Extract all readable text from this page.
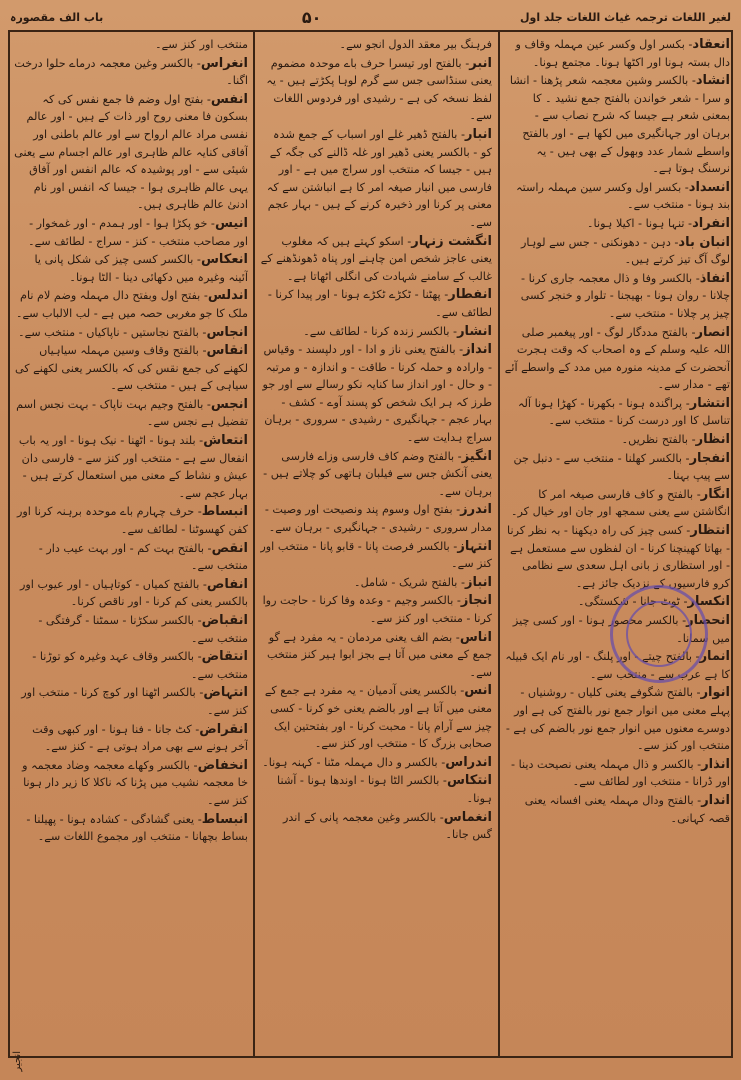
لغیر اللغات ترجمہ غیاث اللغات جلد اول
۵۰
باب الف مقصورہ

انعقاد- بکسر اول وکسر عین مہملہ وقاف و دال بستہ ہونا اور اکٹھا ہونا۔ مجتمع ہونا۔

انشاد- بالکسر وشین معجمہ شعر پڑھنا - انشا و سرا - شعر خواندن بالفتح جمع نشید ۔ کا بمعنی شعر ہے جیسا کہ شرح نصاب سے - برہان اور جہانگیری میں لکھا ہے - اور بالفتح واسطے شمار عدد وبھول کے بھی ہیں - یہ نرسنگ ہوتا ہے۔

انسداد- بکسر اول وکسر سین مہملہ راستہ بند ہونا - منتخب سے۔

انفراد- تنہا ہونا - اکیلا ہونا۔

انبان باد- دہن - دھونکنی - جس سے لوہار لوگ آگ تیز کرتے ہیں۔

انفاذ- بالکسر وفا و ذال معجمہ جاری کرنا - چلانا - روان ہونا - بھیجنا - تلوار و خنجر کسی چیز پر چلانا - منتخب سے۔

انصار- بالفتح مددگار لوگ - اور پیغمبر صلی اللہ علیہ وسلم کے وہ اصحاب کہ وقت ہجرت آنحضرت کے مدینہ منورہ میں مدد کے واسطے آئے تھے - مدار سے۔

انتشار- پراگندہ ہونا - بکھرنا - کھڑا ہونا آلہ تناسل کا اور درست کرنا - منتخب سے۔

انظار- بالفتح نظریں۔

انفجار- بالکسر کھلنا - منتخب سے - دنبل جن سے پیپ بہنا۔

انگار- بالفتح و کاف فارسی صیغہ امر کا انگاشتن سے یعنی سمجھ اور جان اور خیال کر۔

انتظار- کسی چیز کی راہ دیکھنا - بہ نظر کرنا - بھاتا کھینچنا کرنا - ان لفظوں سے مستعمل ہے - اور استظاری ز بانی اہل سعدی سے نظامی کرو فارسیوں کے نزدیک جائز ہے۔

انکسار- ٹوٹ جانا - شکستگی۔

انحصار- بالکسر محصور ہونا - اور کسی چیز میں سمانا۔

انمار- بالفتح چیتے - اور پلنگ - اور نام ایک قبیلہ کا ہے عرب سے - منتخب سے۔

انوار- بالفتح شگوفے یعنی کلیاں - روشنیاں - پہلے معنی میں انوار جمع نور بالفتح کی ہے اور دوسرے معنوں میں انوار جمع نور بالضم کی ہے - منتخب اور کنز سے۔

انذار- بالکسر و ذال مہملہ یعنی نصیحت دینا - اور ڈرانا - منتخب اور لطائف سے۔

اندار- بالفتح ودال مہملہ یعنی افسانہ یعنی قصہ کہانی۔

فرہنگ بیر معقد الدول انجو سے۔

انبر- بالفتح اور تیسرا حرف باے موحدہ مضموم یعنی سنڈاسی جس سے گرم لوہا پکڑتے ہیں - یہ لفظ نسخہ کی ہے - رشیدی اور فردوس اللغات سے۔

انبار- بالفتح ڈھیر غلے اور اسباب کے جمع شدہ کو - بالکسر یعنی ڈھیر اور غلہ ڈالنے کی جگہ کے ہیں - جیسا کہ منتخب اور سراج میں ہے - اور فارسی میں انبار صیغہ امر کا ہے انباشتن سے کہ معنی پر کرنا اور ذخیرہ کرنے کے ہیں - بہار عجم سے۔

انگشت زنہار- اسکو کہتے ہیں کہ مغلوب یعنی عاجز شخص امن چاہنے اور پناہ ڈھونڈھنے کے غالب کے سامنے شہادت کی انگلی اٹھاتا ہے۔

انفطار- پھٹنا - ٹکڑے ٹکڑے ہونا - اور پیدا کرنا - لطائف سے۔

انشار- بالکسر زندہ کرنا - لطائف سے۔

انداز- بالفتح یعنی ناز و ادا - اور دلپسند - وقیاس - وارادہ و حملہ کرنا - طاقت - و اندازہ - و مرتبہ - و حال - اور انداز سا کنایہ نکو رسالے سے اور جو طرز کہ ہر ایک شخص کو پسند آوے - کشف - بہار عجم - جہانگیری - رشیدی - سروری - برہان سراج ہدایت سے۔

انگیز- بالفتح وضم کاف فارسی وزاے فارسی یعنی آنکش جس سے فیلبان ہاتھی کو چلاتے ہیں - برہان سے۔

اندرز- بفتح اول وسوم پند ونصیحت اور وصیت - مدار سروری - رشیدی - جہانگیری - برہان سے۔

انتہاز- بالکسر فرصت پانا - قابو پانا - منتخب اور کنز سے۔

انباز- بالفتح شریک - شامل۔

انجاز- بالکسر وجیم - وعدہ وفا کرنا - حاجت روا کرنا - منتخب اور کنز سے۔

اناس- بضم الف یعنی مردمان - یہ مفرد ہے گو جمع کے معنی میں آتا ہے بجز ابوا ہیر کنز منتخب سے۔

انس- بالکسر یعنی آدمیان - یہ مفرد ہے جمع کے معنی میں آتا ہے اور بالضم یعنی خو کرنا - کسی چیز سے آرام پانا - محبت کرنا - اور بفتحتین ایک صحابی بزرگ کا - منتخب اور کنز سے۔

اندراس- بالکسر و دال مہملہ مٹنا - کہنہ ہونا۔

انتکاس- بالکسر الٹا ہونا - اوندھا ہونا - آشنا ہونا۔

انغماس- بالکسر وغین معجمہ پانی کے اندر گس جانا۔

منتخب اور کنز سے۔

انغراس- بالکسر وغین معجمہ درماے حلوا درخت اگنا۔

انفس- بفتح اول وضم فا جمع نفس کی کہ بسکون فا معنی روح اور ذات کے ہیں - اور عالم نفسی مراد عالم ارواح سے اور عالم باطنی اور آفاقی کنایہ عالم ظاہری اور عالم اجسام سے یعنی شیئی سے - اور پوشیدہ کہ عالم انفس اور آفاق یہی عالم ظاہری ہوا - جیسا کہ انفس اور نام ادنیٰ عالم ظاہری ہیں۔

انیس- خو پکڑا ہوا - اور ہمدم - اور غمخوار - اور مصاحب منتخب - کنز - سراج - لطائف سے۔

انعکاس- بالکسر کسی چیز کی شکل پانی یا آئینہ وغیرہ میں دکھائی دینا - الٹا ہونا۔

اندلس- بفتح اول وبفتح دال مہملہ وضم لام نام ملک کا جو مغربی حصہ میں ہے - لب الالباب سے۔

انجاس- بالفتح نجاستیں - ناپاکیاں - منتخب سے۔

انقاس- بالفتح وقاف وسین مہملہ سیاہیاں لکھنے کی جمع نقس کی کہ بالکسر یعنی لکھنے کی سیاہی کے ہیں - منتخب سے۔

انجس- بالفتح وجیم بہت ناپاک - بہت نجس اسم تفضیل ہے نجس سے۔

انتعاش- بلند ہونا - اٹھنا - نیک ہونا - اور یہ باب انفعال سے ہے - منتخب اور کنز سے - فارسی دان عیش و نشاط کے معنی میں استعمال کرتے ہیں - بہار عجم سے۔

انبساط- حرف چہارم باے موحدہ برہنہ کرنا اور کفن کھسوٹنا - لطائف سے۔

انقص- بالفتح بہت کم - اور بہت عیب دار - منتخب سے۔

انفاص- بالفتح کمیاں - کوتاہیاں - اور عیوب اور بالکسر یعنی کم کرنا - اور ناقص کرنا۔

انقباض- بالکسر سکڑنا - سمٹنا - گرفتگی - منتخب سے۔

انتقاض- بالکسر وقاف عہد وغیرہ کو توڑنا - منتخب سے۔

انتہاض- بالکسر اٹھنا اور کوچ کرنا - منتخب اور کنز سے۔

انقراض- کٹ جانا - فنا ہونا - اور کبھی وقت آخر ہونے سے بھی مراد ہوتی ہے - کنز سے۔

انخفاض- بالکسر وکھاے معجمہ وضاد معجمہ و خا معجمہ نشیب میں پڑنا کہ ناکلا کا زیر دار ہونا کنز سے۔

انبساط- یعنی گشادگی - کشادہ ہونا - پھیلنا - بساط بچھانا - منتخب اور مجموع اللغات سے۔

انجیر
